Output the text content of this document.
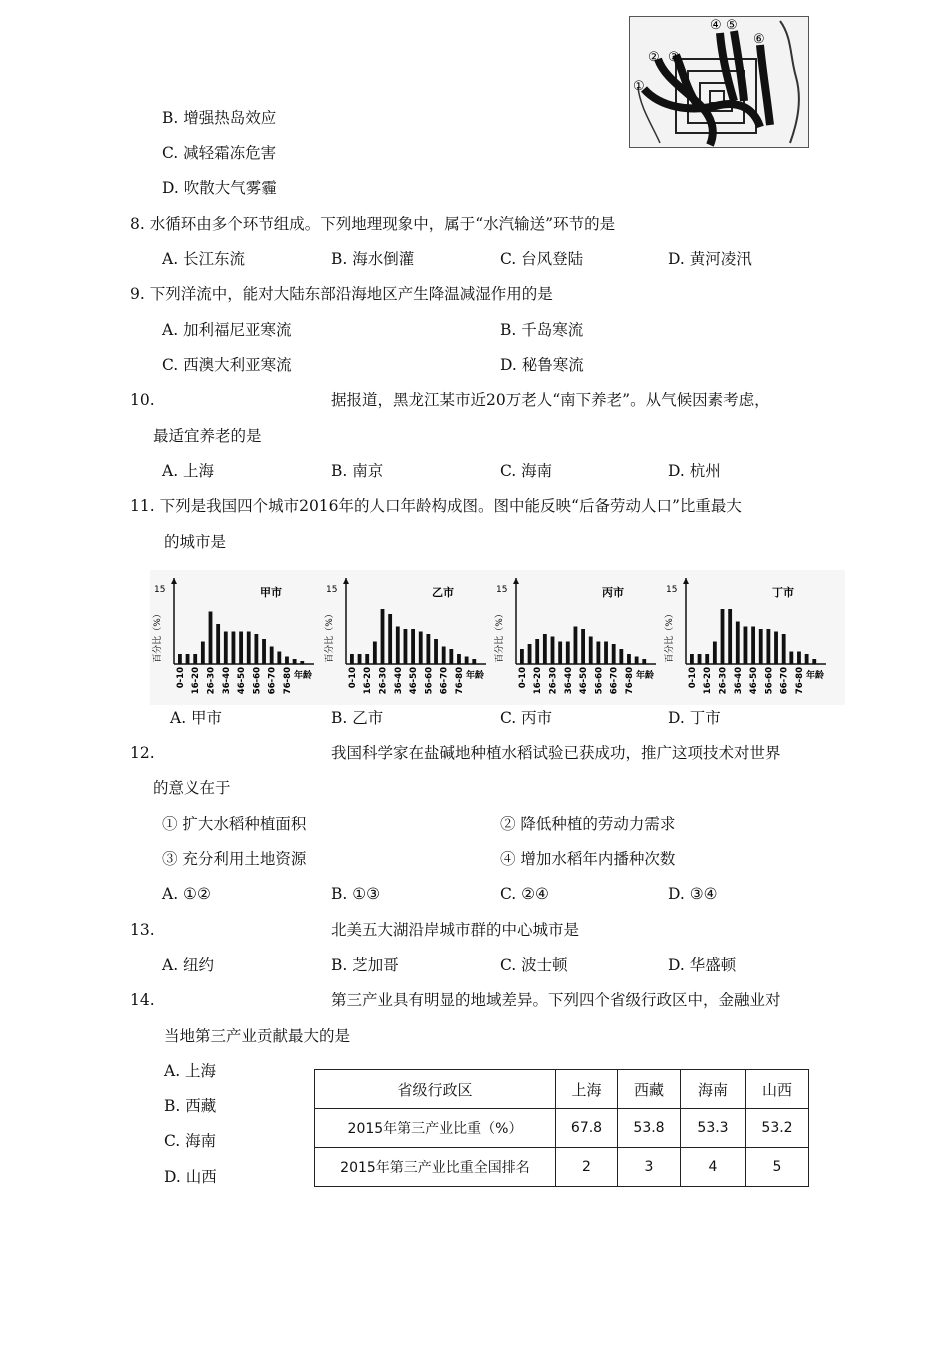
①
② ③
④ ⑤
⑥
B. 增强热岛效应
C. 减轻霜冻危害
D. 吹散大气雾霾
8. 水循环由多个环节组成。下列地理现象中，属于“水汽输送”环节的是
A. 长江东流	B. 海水倒灌	C. 台风登陆	D. 黄河凌汛
9. 下列洋流中，能对大陆东部沿海地区产生降温减湿作用的是
A. 加利福尼亚寒流	B. 千岛寒流
C. 西澳大利亚寒流	D. 秘鲁寒流
10.	据报道，黑龙江某市近20万老人“南下养老”。从气候因素考虑，
最适宜养老的是
A. 上海	B. 南京	C. 海南	D. 杭州
11. 下列是我国四个城市2016年的人口年龄构成图。图中能反映“后备劳动人口”比重最大
的城市是
甲市
15
百分比（%）
0-10 16-20 26-30 36-40 46-50 56-60 66-70 76-80 年龄
乙市
15
百分比（%）
0-10 16-20 26-30 36-40 46-50 56-60 66-70 76-80 年龄
丙市
15
百分比（%）
0-10 16-20 26-30 36-40 46-50 56-60 66-70 76-80 年龄
丁市
15
百分比（%）
0-10 16-20 26-30 36-40 46-50 56-60 66-70 76-80 年龄
A. 甲市	B. 乙市	C. 丙市	D. 丁市
12.	我国科学家在盐碱地种植水稻试验已获成功，推广这项技术对世界
的意义在于
① 扩大水稻种植面积	② 降低种植的劳动力需求
③ 充分利用土地资源	④ 增加水稻年内播种次数
A. ①②	B. ①③	C. ②④	D. ③④
13.	北美五大湖沿岸城市群的中心城市是
A. 纽约	B. 芝加哥	C. 波士顿	D. 华盛顿
14.	第三产业具有明显的地域差异。下列四个省级行政区中，金融业对
当地第三产业贡献最大的是
A. 上海
B. 西藏
C. 海南
D. 山西
省级行政区	上海	西藏	海南	山西
2015年第三产业比重（%）	67.8	53.8	53.3	53.2
2015年第三产业比重全国排名	2	3	4	5
